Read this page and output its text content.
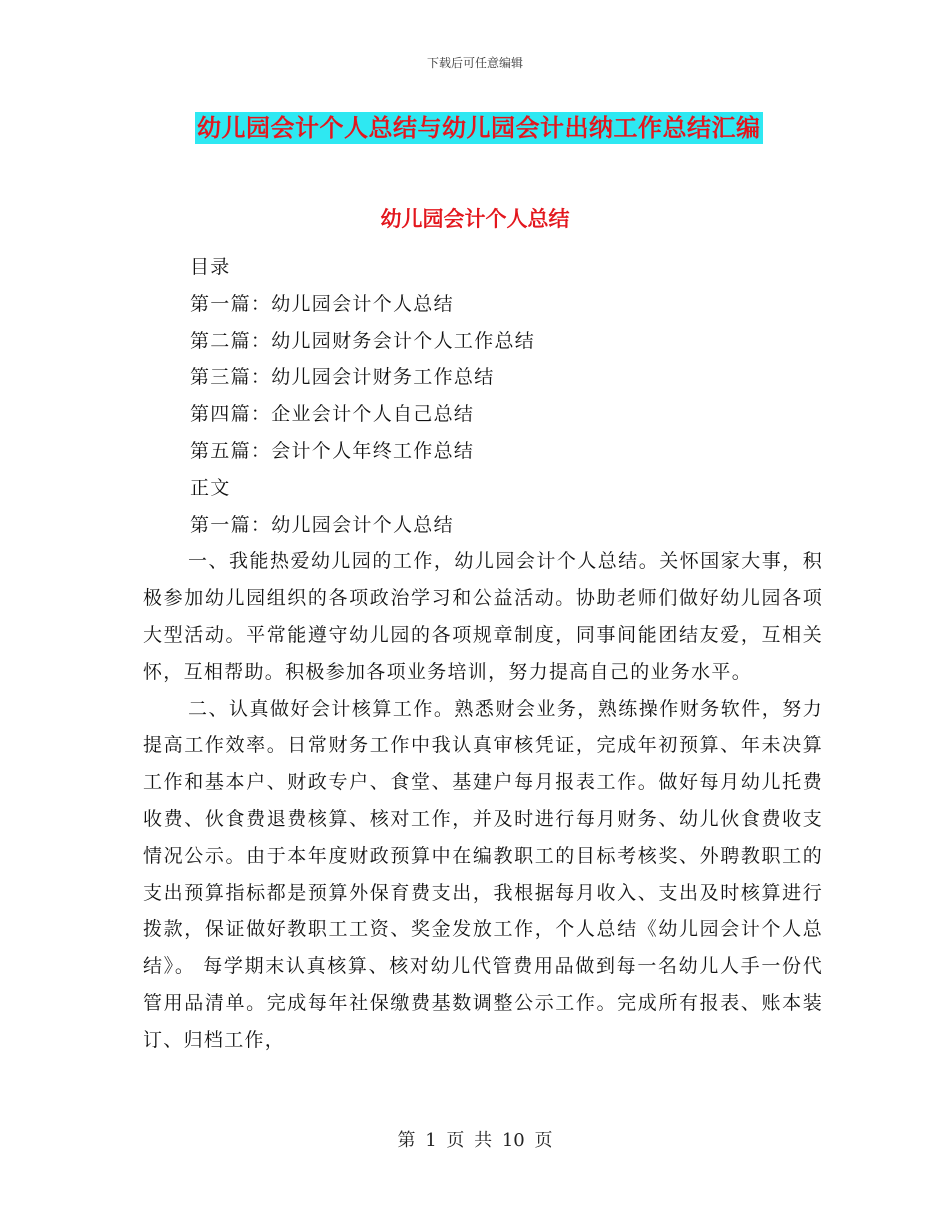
下载后可任意编辑
幼儿园会计个人总结与幼儿园会计出纳工作总结汇编
幼儿园会计个人总结
目录
第一篇：幼儿园会计个人总结
第二篇：幼儿园财务会计个人工作总结
第三篇：幼儿园会计财务工作总结
第四篇：企业会计个人自己总结
第五篇：会计个人年终工作总结
正文
第一篇：幼儿园会计个人总结

一、我能热爱幼儿园的工作，幼儿园会计个人总结。关怀国家大事，积极参加幼儿园组织的各项政治学习和公益活动。协助老师们做好幼儿园各项大型活动。平常能遵守幼儿园的各项规章制度，同事间能团结友爱，互相关怀，互相帮助。积极参加各项业务培训，努力提高自己的业务水平。

二、认真做好会计核算工作。熟悉财会业务，熟练操作财务软件，努力提高工作效率。日常财务工作中我认真审核凭证，完成年初预算、年未决算工作和基本户、财政专户、食堂、基建户每月报表工作。做好每月幼儿托费收费、伙食费退费核算、核对工作，并及时进行每月财务、幼儿伙食费收支情况公示。由于本年度财政预算中在编教职工的目标考核奖、外聘教职工的支出预算指标都是预算外保育费支出，我根据每月收入、支出及时核算进行拨款，保证做好教职工工资、奖金发放工作，个人总结《幼儿园会计个人总结》。 每学期末认真核算、核对幼儿代管费用品做到每一名幼儿人手一份代管用品清单。完成每年社保缴费基数调整公示工作。完成所有报表、账本装订、归档工作，

第 1 页 共 10 页
